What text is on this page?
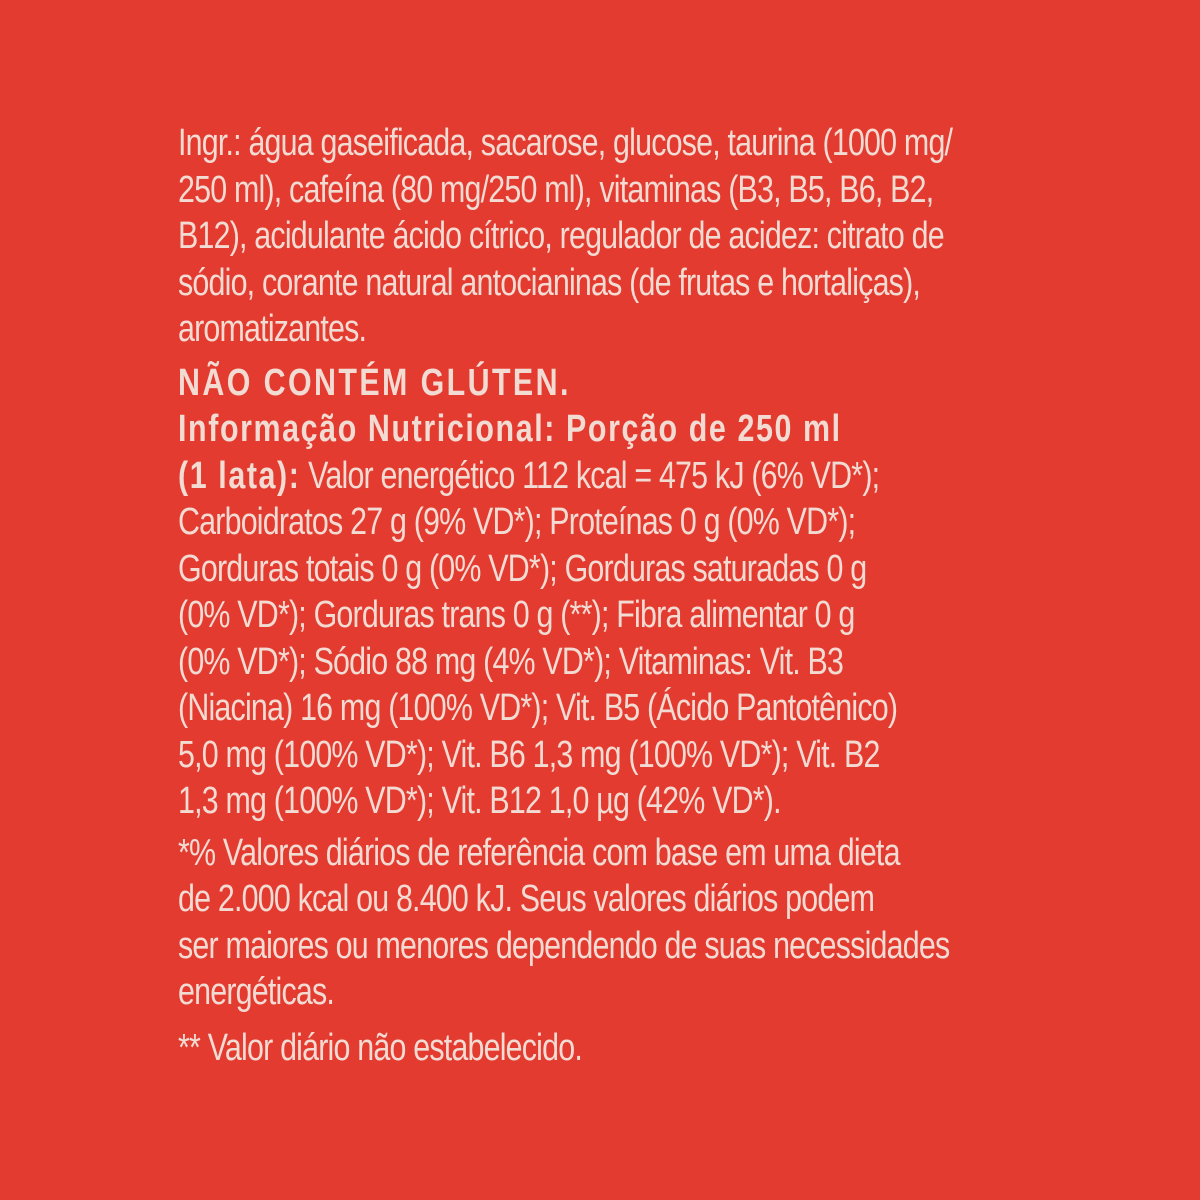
Ingr.: água gaseificada, sacarose, glucose, taurina (1000 mg/
250 ml), cafeína (80 mg/250 ml), vitaminas (B3, B5, B6, B2,
B12), acidulante ácido cítrico, regulador de acidez: citrato de
sódio, corante natural antocianinas (de frutas e hortaliças),
aromatizantes.
NÃO CONTÉM GLÚTEN.
Informação Nutricional: Porção de 250 ml
(1 lata): Valor energético 112 kcal = 475 kJ (6% VD*);
Carboidratos 27 g (9% VD*); Proteínas 0 g (0% VD*);
Gorduras totais 0 g (0% VD*); Gorduras saturadas 0 g
(0% VD*); Gorduras trans 0 g (**); Fibra alimentar 0 g
(0% VD*); Sódio 88 mg (4% VD*); Vitaminas: Vit. B3
(Niacina) 16 mg (100% VD*); Vit. B5 (Ácido Pantotênico)
5,0 mg (100% VD*); Vit. B6 1,3 mg (100% VD*); Vit. B2
1,3 mg (100% VD*); Vit. B12 1,0 µg (42% VD*).
*% Valores diários de referência com base em uma dieta
de 2.000 kcal ou 8.400 kJ. Seus valores diários podem
ser maiores ou menores dependendo de suas necessidades
energéticas.
** Valor diário não estabelecido.
